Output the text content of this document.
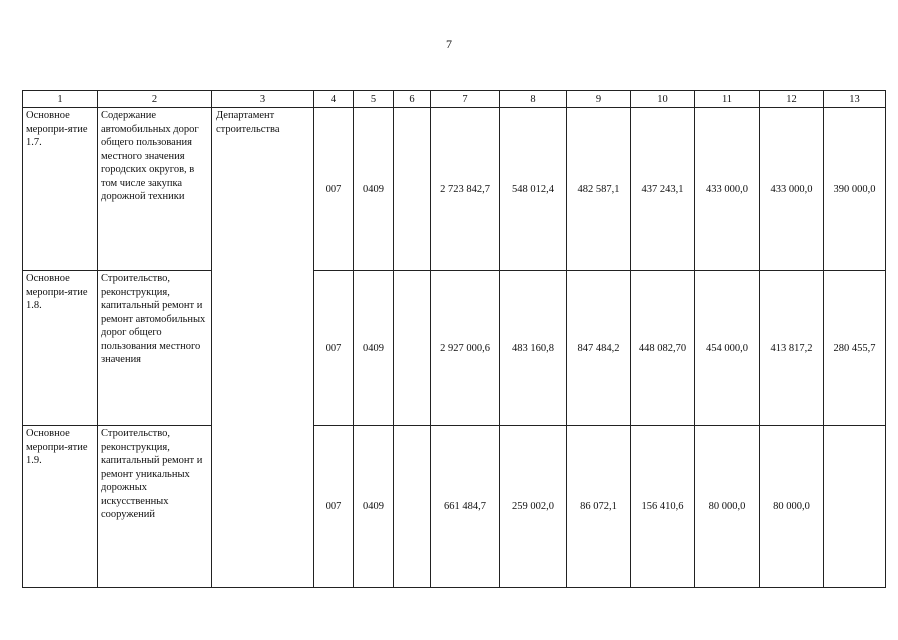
7
1	2	3	4	5	6	7	8	9	10	11	12	13
Основное меропри-ятие 1.7.	Содержание автомобильных дорог общего пользования местного значения городских округов, в том числе закупка дорожной техники	Департамент строительства	007	0409		2 723 842,7	548 012,4	482 587,1	437 243,1	433 000,0	433 000,0	390 000,0
Основное меропри-ятие 1.8.	Строительство, реконструкция, капитальный ремонт и ремонт автомобильных дорог общего пользования местного значения		007	0409		2 927 000,6	483 160,8	847 484,2	448 082,70	454 000,0	413 817,2	280 455,7
Основное меропри-ятие 1.9.	Строительство, реконструкция, капитальный ремонт и ремонт уникальных дорожных искусственных сооружений		007	0409		661 484,7	259 002,0	86 072,1	156 410,6	80 000,0	80 000,0	
